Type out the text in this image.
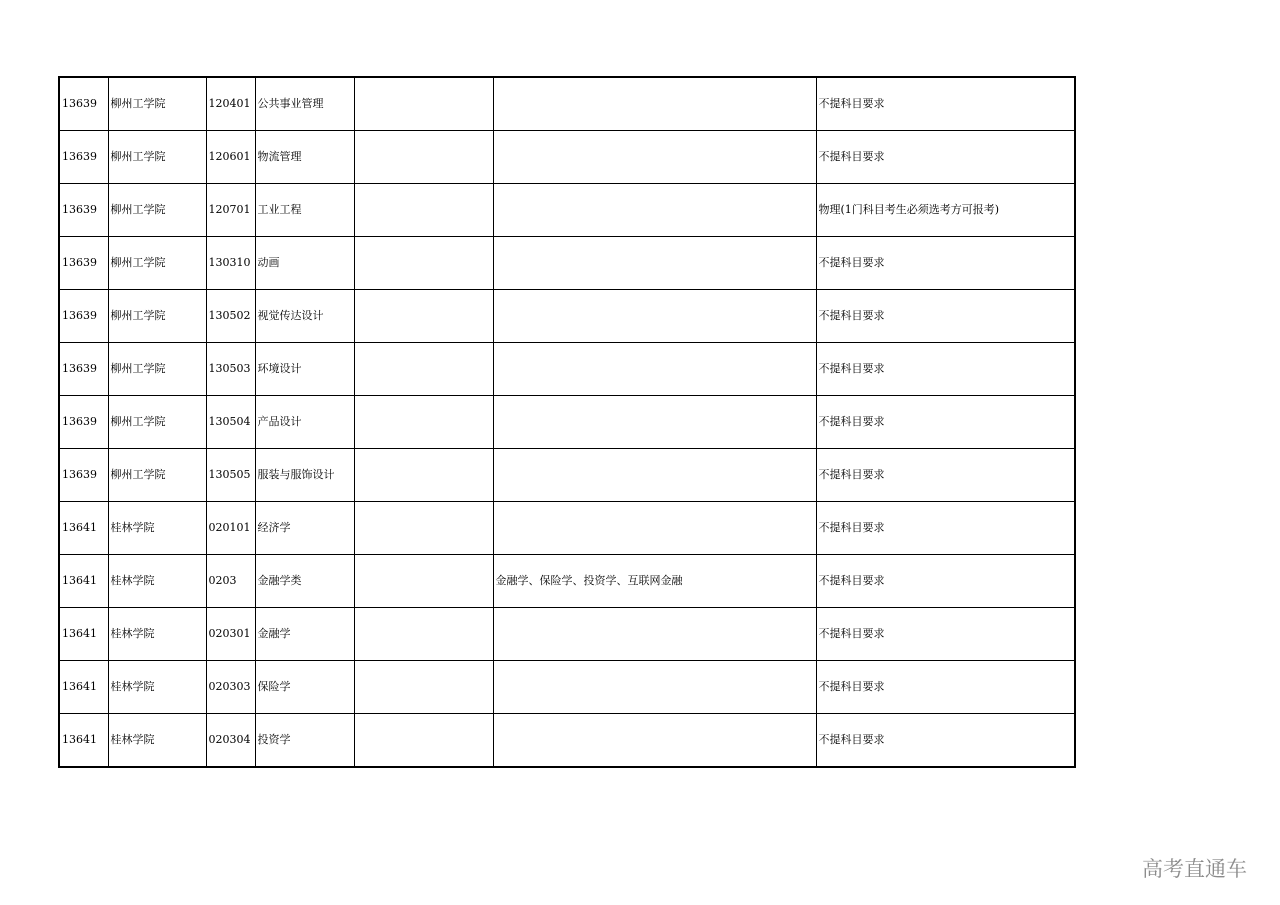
13639	柳州工学院	120401	公共事业管理			不提科目要求
13639	柳州工学院	120601	物流管理			不提科目要求
13639	柳州工学院	120701	工业工程			物理(1门科目考生必须选考方可报考)
13639	柳州工学院	130310	动画			不提科目要求
13639	柳州工学院	130502	视觉传达设计			不提科目要求
13639	柳州工学院	130503	环境设计			不提科目要求
13639	柳州工学院	130504	产品设计			不提科目要求
13639	柳州工学院	130505	服装与服饰设计			不提科目要求
13641	桂林学院	020101	经济学			不提科目要求
13641	桂林学院	0203	金融学类		金融学、保险学、投资学、互联网金融	不提科目要求
13641	桂林学院	020301	金融学			不提科目要求
13641	桂林学院	020303	保险学			不提科目要求
13641	桂林学院	020304	投资学			不提科目要求
高考直通车
